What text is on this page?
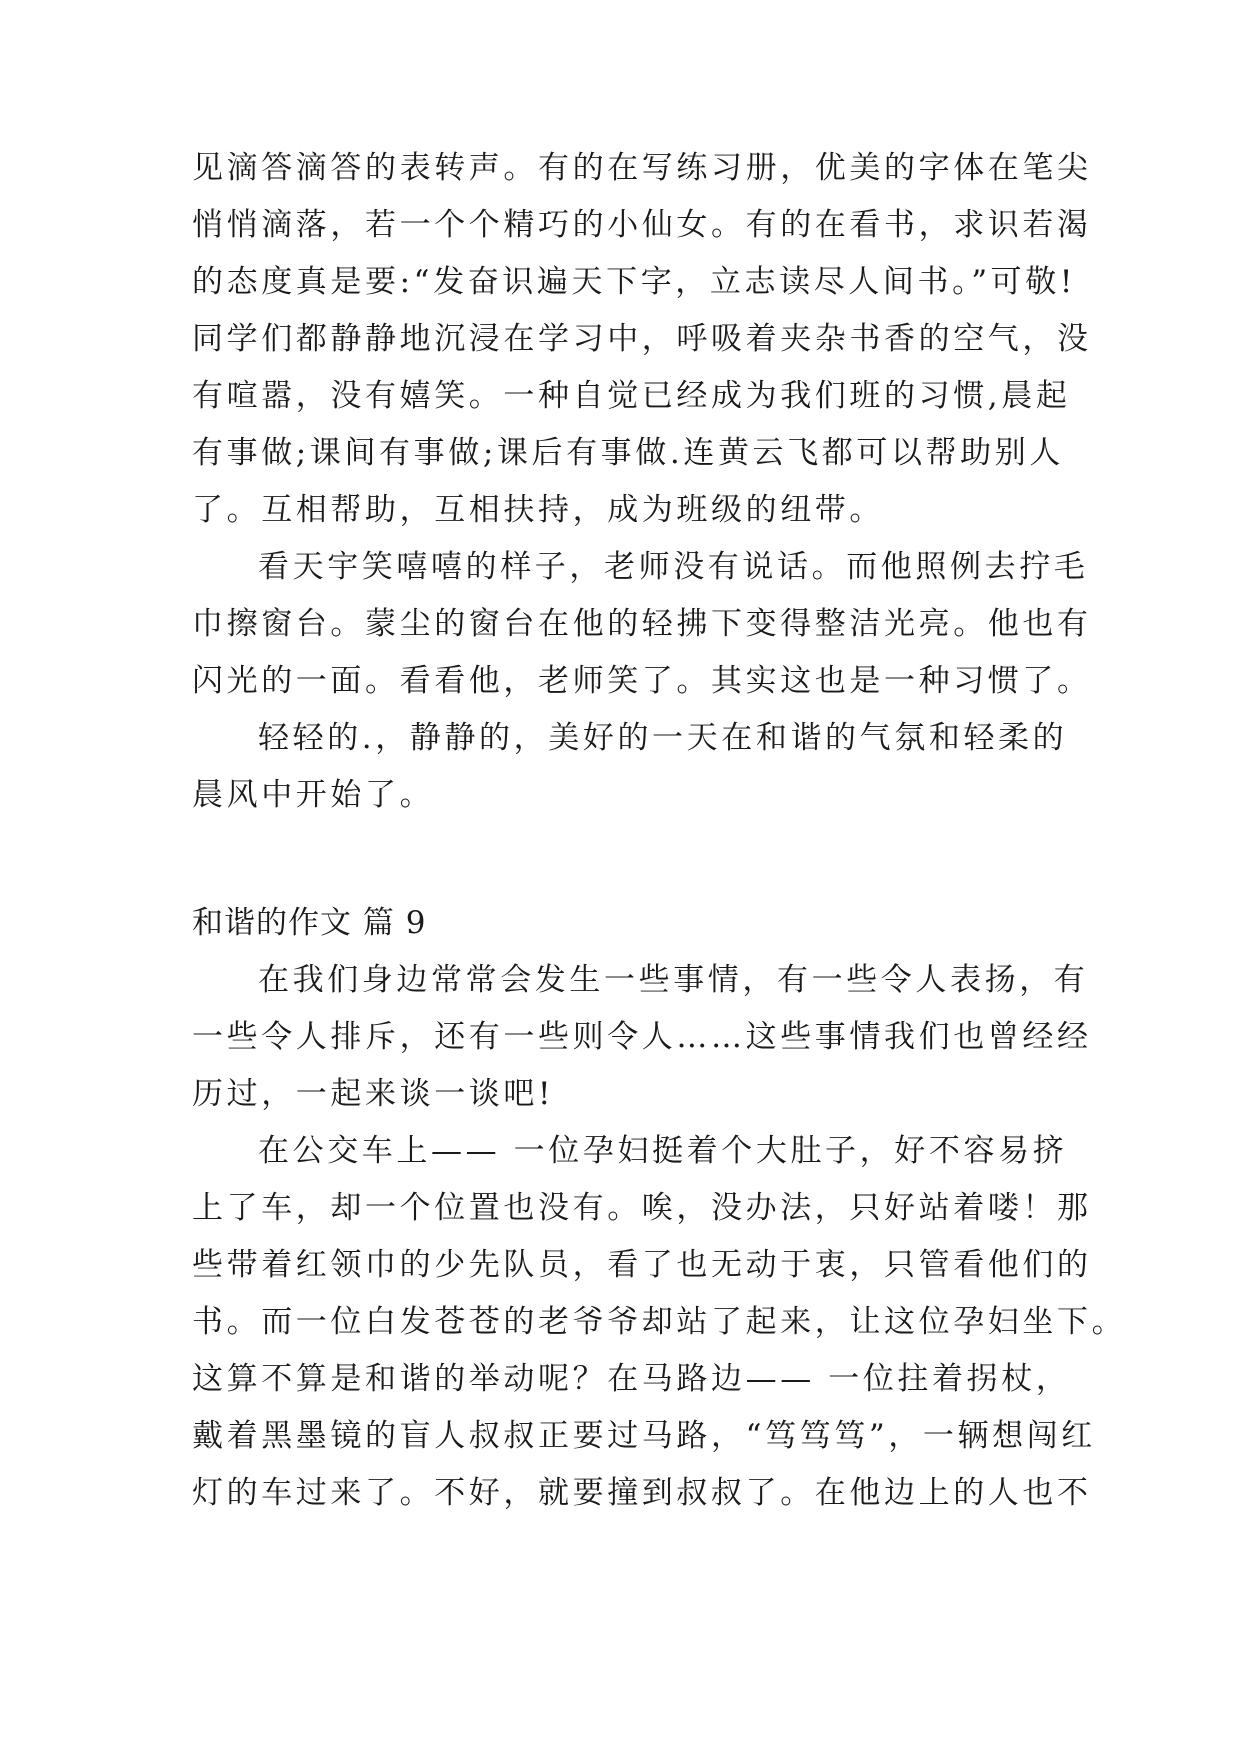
见滴答滴答的表转声。有的在写练习册，优美的字体在笔尖
悄悄滴落，若一个个精巧的小仙女。有的在看书，求识若渴
的态度真是要:“发奋识遍天下字，立志读尽人间书。”可敬!
同学们都静静地沉浸在学习中，呼吸着夹杂书香的空气，没
有喧嚣，没有嬉笑。一种自觉已经成为我们班的习惯,晨起
有事做;课间有事做;课后有事做.连黄云飞都可以帮助别人
了。互相帮助，互相扶持，成为班级的纽带。
看天宇笑嘻嘻的样子，老师没有说话。而他照例去拧毛
巾擦窗台。蒙尘的窗台在他的轻拂下变得整洁光亮。他也有
闪光的一面。看看他，老师笑了。其实这也是一种习惯了。
轻轻的.，静静的，美好的一天在和谐的气氛和轻柔的
晨风中开始了。
和谐的作文 篇 9
在我们身边常常会发生一些事情，有一些令人表扬，有
一些令人排斥，还有一些则令人……这些事情我们也曾经经
历过，一起来谈一谈吧!
在公交车上—— 一位孕妇挺着个大肚子，好不容易挤
上了车，却一个位置也没有。唉，没办法，只好站着喽！那
些带着红领巾的少先队员，看了也无动于衷，只管看他们的
书。而一位白发苍苍的老爷爷却站了起来，让这位孕妇坐下。
这算不算是和谐的举动呢？在马路边—— 一位拄着拐杖，
戴着黑墨镜的盲人叔叔正要过马路，“笃笃笃”，一辆想闯红
灯的车过来了。不好，就要撞到叔叔了。在他边上的人也不
